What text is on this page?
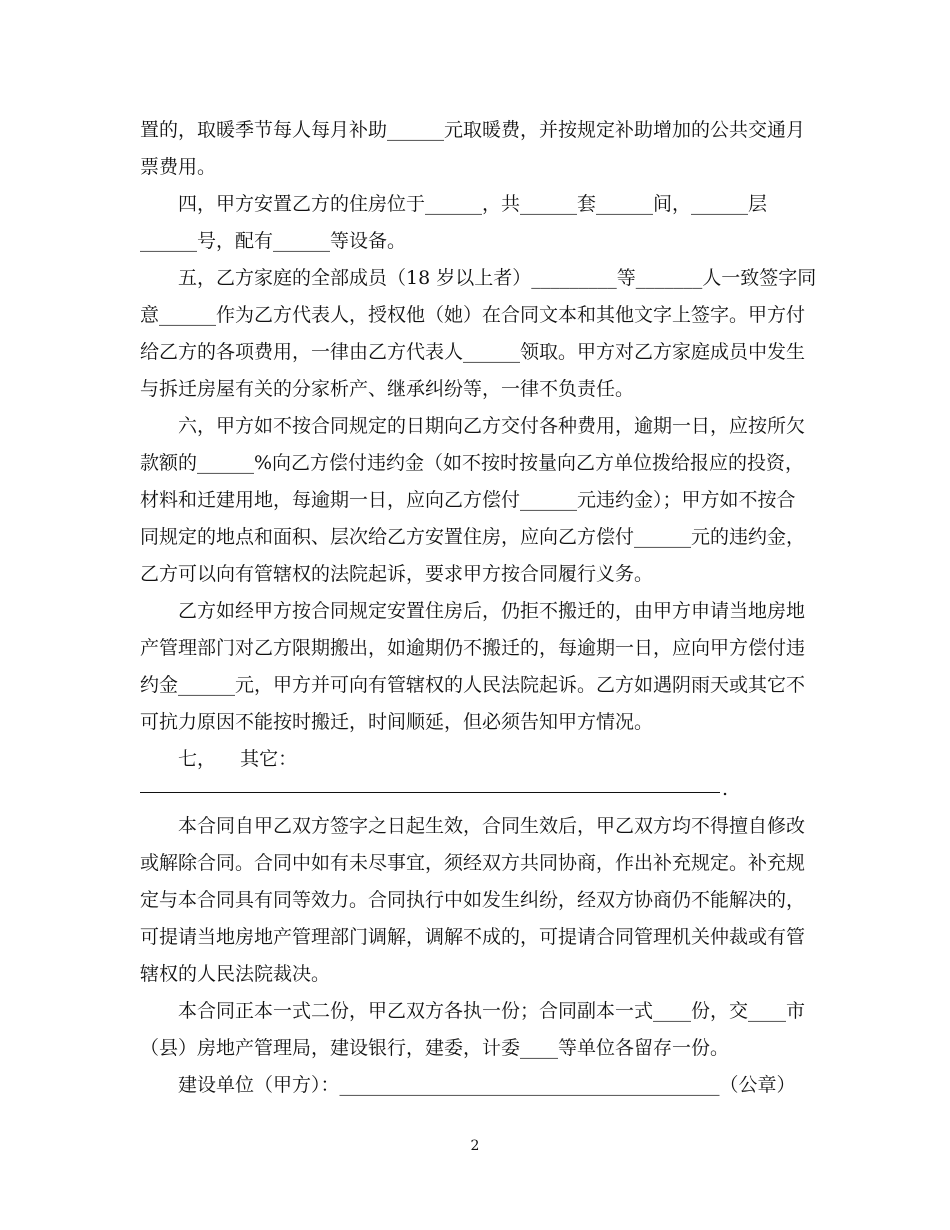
置的，取暖季节每人每月补助______元取暖费，并按规定补助增加的公共交通月
票费用。
四，甲方安置乙方的住房位于______，共______套______间，______层
______号，配有______等设备。
五，乙方家庭的全部成员（18 岁以上者）_________等_______人一致签字同
意______作为乙方代表人，授权他（她）在合同文本和其他文字上签字。甲方付
给乙方的各项费用，一律由乙方代表人______领取。甲方对乙方家庭成员中发生
与拆迁房屋有关的分家析产、继承纠纷等，一律不负责任。
六，甲方如不按合同规定的日期向乙方交付各种费用，逾期一日，应按所欠
款额的______%向乙方偿付违约金（如不按时按量向乙方单位拨给报应的投资，
材料和迁建用地，每逾期一日，应向乙方偿付______元违约金）；甲方如不按合
同规定的地点和面积、层次给乙方安置住房，应向乙方偿付______元的违约金，
乙方可以向有管辖权的法院起诉，要求甲方按合同履行义务。
乙方如经甲方按合同规定安置住房后，仍拒不搬迁的，由甲方申请当地房地
产管理部门对乙方限期搬出，如逾期仍不搬迁的，每逾期一日，应向甲方偿付违
约金______元，甲方并可向有管辖权的人民法院起诉。乙方如遇阴雨天或其它不
可抗力原因不能按时搬迁，时间顺延，但必须告知甲方情况。
七，    其它：
.
本合同自甲乙双方签字之日起生效，合同生效后，甲乙双方均不得擅自修改
或解除合同。合同中如有未尽事宜，须经双方共同协商，作出补充规定。补充规
定与本合同具有同等效力。合同执行中如发生纠纷，经双方协商仍不能解决的，
可提请当地房地产管理部门调解，调解不成的，可提请合同管理机关仲裁或有管
辖权的人民法院裁决。
本合同正本一式二份，甲乙双方各执一份；合同副本一式____份，交____市
（县）房地产管理局，建设银行，建委，计委____等单位各留存一份。
建设单位（甲方）：________________________________________（公章）
2
